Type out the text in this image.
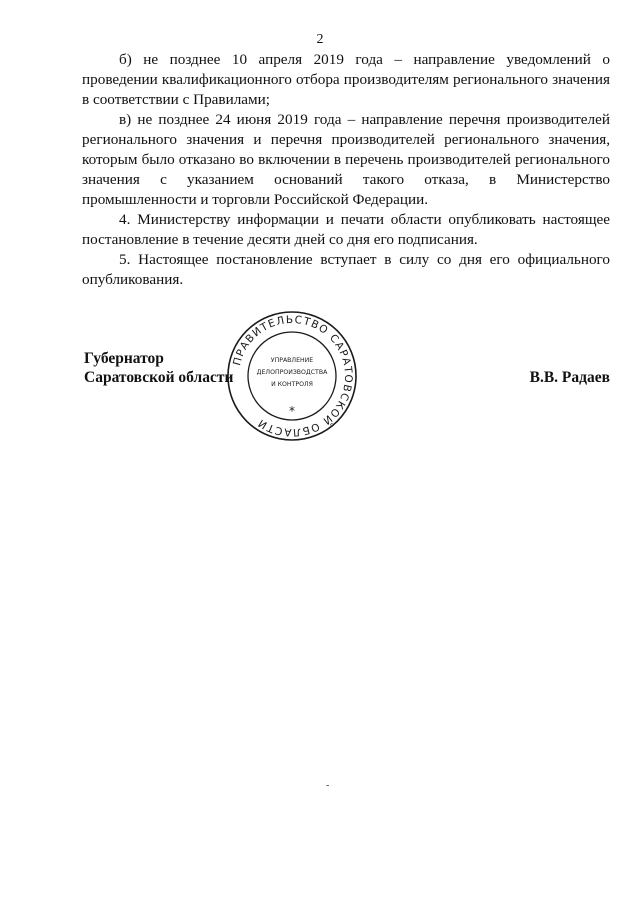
2

б) не позднее 10 апреля 2019 года – направление уведомлений о проведении квалификационного отбора производителям регионального значения в соответствии с Правилами;

в) не позднее 24 июня 2019 года – направление перечня производителей регионального значения и перечня производителей регионального значения, которым было отказано во включении в перечень производителей регионального значения с указанием оснований такого отказа, в Министерство промышленности и торговли Российской Федерации.

4. Министерству информации и печати области опубликовать настоящее постановление в течение десяти дней со дня его подписания.

5. Настоящее постановление вступает в силу со дня его официального опубликования.

Губернатор
Саратовской области	В.В. Радаев
ПРАВИТЕЛЬСТВО САРАТОВСКОЙ ОБЛАСТИ
УПРАВЛЕНИЕ
ДЕЛОПРОИЗВОДСТВА
И КОНТРОЛЯ
*
-
